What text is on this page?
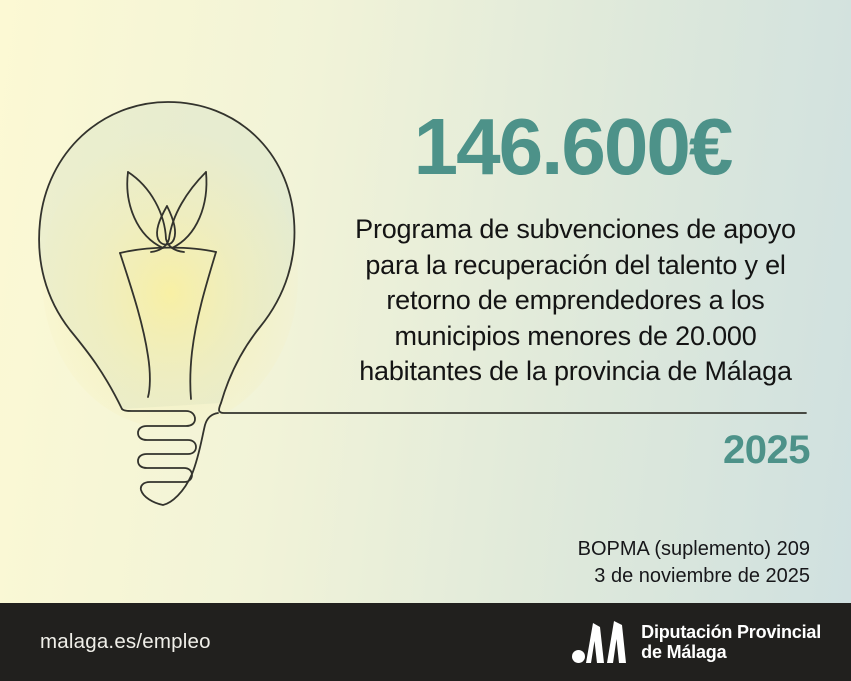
146.600€
Programa de subvenciones de apoyo
para la recuperación del talento y el
retorno de emprendedores a los
municipios menores de 20.000
habitantes de la provincia de Málaga
2025
BOPMA (suplemento) 209
3 de noviembre de 2025
malaga.es/empleo	Diputación Provincial
de Málaga
